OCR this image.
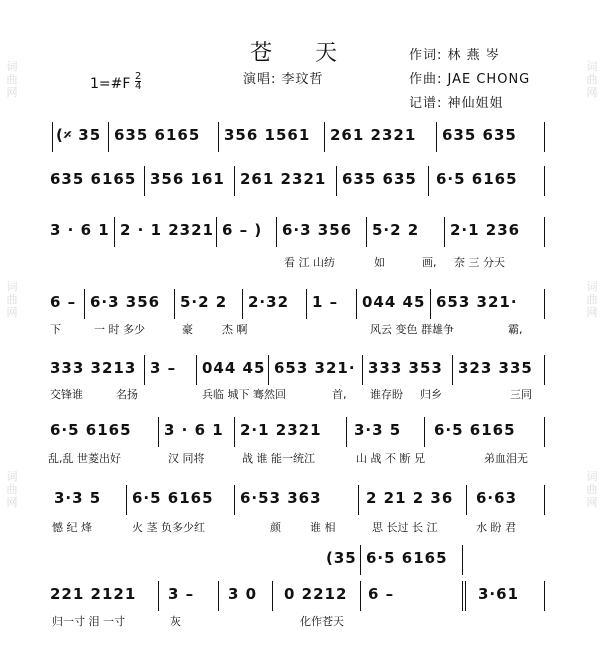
词曲网
词曲网
词曲网
词曲网
词曲网
词曲网
苍 天
演唱: 李玟哲
作词: 林 燕 岑
作曲: JAE CHONG
记谱: 神仙姐姐
1=#F 2
4
(𝄎 35 635 6165 356 1561 261 2321 635 635
635 6165 356 161 261 2321 635 635 6·5 6165
3 · 6 1 2 · 1 2321 6 – ) 6·3 356 5·2 2 2·1 236
看 江 山纺	如	画, 奈 三 分天
6 – 6·3 356 5·2 2 2·32 1 – 044 45 653 321·
下	一 时 多少	豪	杰 啊	风云 变色 群雄争	霸,
333 3213 3 – 044 45 653 321· 333 353 323 335
交锋谁	名扬	兵临 城下 骞然回	首, 谁存盼 归乡	三同
6·5 6165 3 · 6 1 2·1 2321 3·3 5 6·5 6165
乱,乱 世菱出好	汉 同将	战 谁 能一统江	山 战 不 断 兄	弟血泪无
3·3 5 6·5 6165 6·53 363	2 21 2 36 6·63
憾 纪 烽	火 茎 负多少红	颜	谁 相	思 长过 长 江	水 盼 君
(35 6·5 6165
221 2121 3 – 3 0 0 2212 6 –	3·61
归一寸 泪 一寸	灰	化作苍天
